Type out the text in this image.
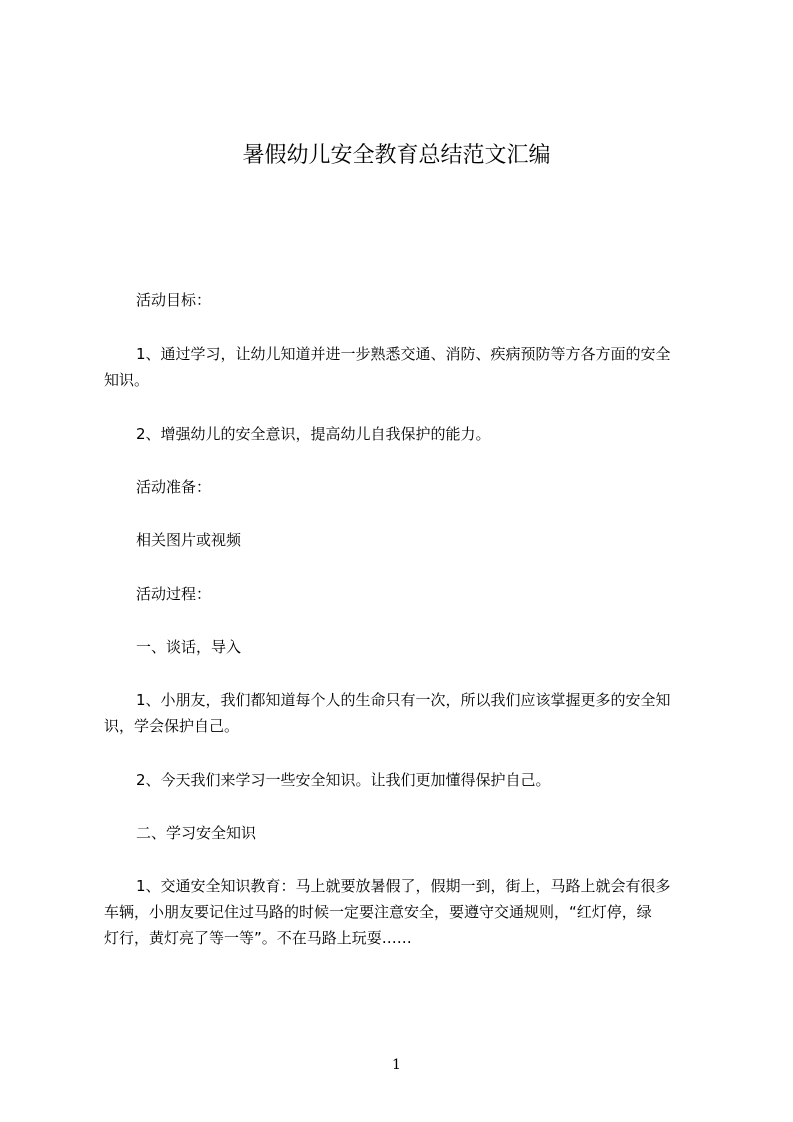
暑假幼儿安全教育总结范文汇编

活动目标：

1、通过学习，让幼儿知道并进一步熟悉交通、消防、疾病预防等方各方面的安全
知识。

2、增强幼儿的安全意识，提高幼儿自我保护的能力。

活动准备：

相关图片或视频

活动过程：

一、谈话，导入

1、小朋友，我们都知道每个人的生命只有一次，所以我们应该掌握更多的安全知
识，学会保护自己。

2、今天我们来学习一些安全知识。让我们更加懂得保护自己。

二、学习安全知识

1、交通安全知识教育：马上就要放暑假了，假期一到，街上，马路上就会有很多
车辆，小朋友要记住过马路的时候一定要注意安全，要遵守交通规则，“红灯停，绿
灯行，黄灯亮了等一等”。不在马路上玩耍……

1
